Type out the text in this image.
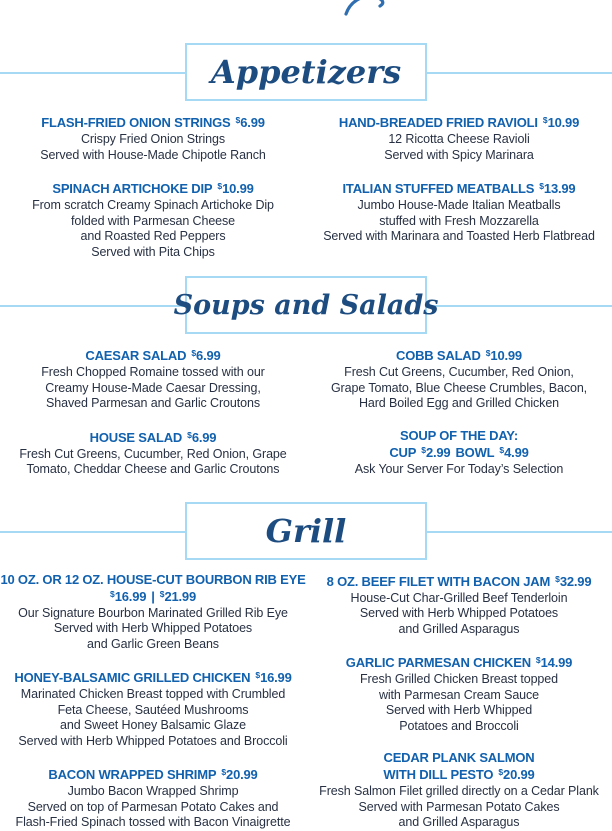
Appetizers
FLASH-FRIED ONION STRINGS $6.99
Crispy Fried Onion Strings
Served with House-Made Chipotle Ranch
SPINACH ARTICHOKE DIP $10.99
From scratch Creamy Spinach Artichoke Dip
folded with Parmesan Cheese
and Roasted Red Peppers
Served with Pita Chips
HAND-BREADED FRIED RAVIOLI $10.99
12 Ricotta Cheese Ravioli
Served with Spicy Marinara
ITALIAN STUFFED MEATBALLS $13.99
Jumbo House-Made Italian Meatballs
stuffed with Fresh Mozzarella
Served with Marinara and Toasted Herb Flatbread
Soups and Salads
CAESAR SALAD $6.99
Fresh Chopped Romaine tossed with our
Creamy House-Made Caesar Dressing,
Shaved Parmesan and Garlic Croutons
HOUSE SALAD $6.99
Fresh Cut Greens, Cucumber, Red Onion, Grape
Tomato, Cheddar Cheese and Garlic Croutons
COBB SALAD $10.99
Fresh Cut Greens, Cucumber, Red Onion,
Grape Tomato, Blue Cheese Crumbles, Bacon,
Hard Boiled Egg and Grilled Chicken
SOUP OF THE DAY:
CUP $2.99 BOWL $4.99
Ask Your Server For Today’s Selection
Grill
10 OZ. OR 12 OZ. HOUSE-CUT BOURBON RIB EYE
$16.99 | $21.99
Our Signature Bourbon Marinated Grilled Rib Eye
Served with Herb Whipped Potatoes
and Garlic Green Beans
HONEY-BALSAMIC GRILLED CHICKEN $16.99
Marinated Chicken Breast topped with Crumbled
Feta Cheese, Sautéed Mushrooms
and Sweet Honey Balsamic Glaze
Served with Herb Whipped Potatoes and Broccoli
BACON WRAPPED SHRIMP $20.99
Jumbo Bacon Wrapped Shrimp
Served on top of Parmesan Potato Cakes and
Flash-Fried Spinach tossed with Bacon Vinaigrette
8 OZ. BEEF FILET WITH BACON JAM $32.99
House-Cut Char-Grilled Beef Tenderloin
Served with Herb Whipped Potatoes
and Grilled Asparagus
GARLIC PARMESAN CHICKEN $14.99
Fresh Grilled Chicken Breast topped
with Parmesan Cream Sauce
Served with Herb Whipped
Potatoes and Broccoli
CEDAR PLANK SALMON
WITH DILL PESTO $20.99
Fresh Salmon Filet grilled directly on a Cedar Plank
Served with Parmesan Potato Cakes
and Grilled Asparagus
